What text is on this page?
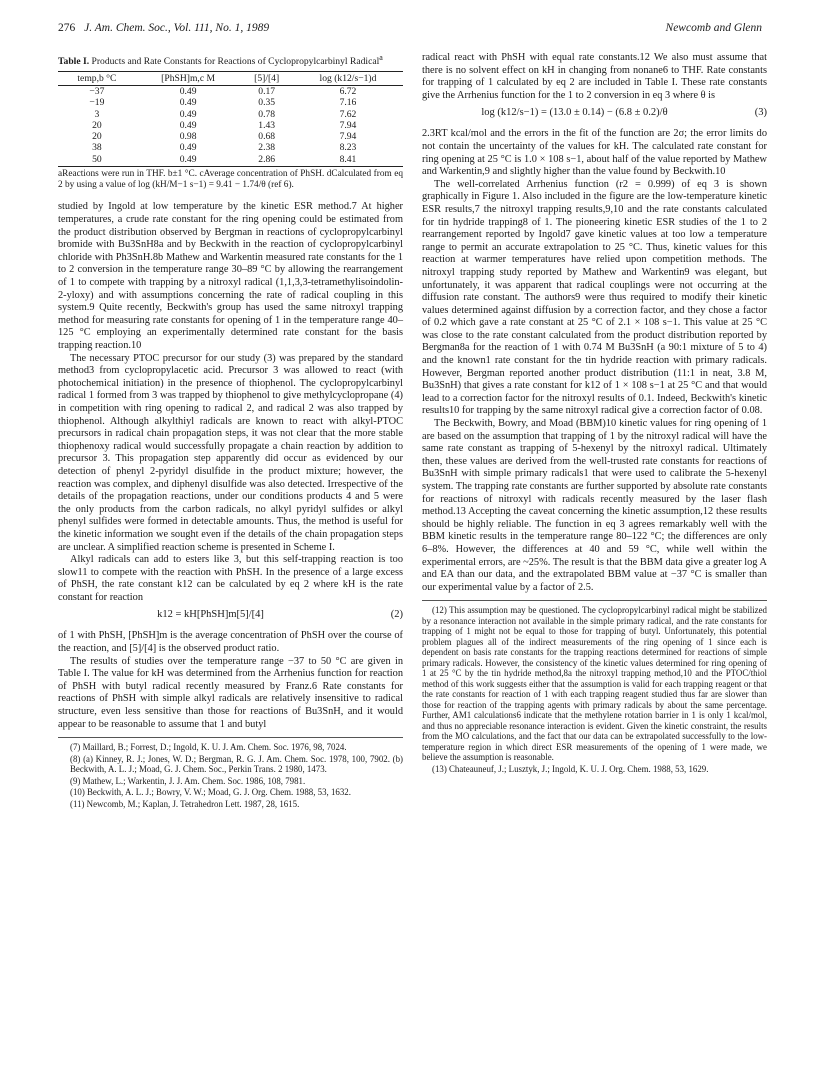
276 J. Am. Chem. Soc., Vol. 111, No. 1, 1989	Newcomb and Glenn
Table I. Products and Rate Constants for Reactions of Cyclopropylcarbinyl Radical$^a$
temp,b °C	[PhSH]m,c M	[5]/[4]	log (k12/s−1)d
−37	0.49	0.17	6.72
−19	0.49	0.35	7.16
3	0.49	0.78	7.62
20	0.49	1.43	7.94
20	0.98	0.68	7.94
38	0.49	2.38	8.23
50	0.49	2.86	8.41

aReactions were run in THF. b±1 °C. cAverage concentration of PhSH. dCalculated from eq 2 by using a value of log (kH/M−1 s−1) = 9.41 − 1.74/θ (ref 6).

studied by Ingold at low temperature by the kinetic ESR method.7 At higher temperatures, a crude rate constant for the ring opening could be estimated from the product distribution observed by Bergman in reactions of cyclopropylcarbinyl bromide with Bu3SnH8a and by Beckwith in the reaction of cyclopropylcarbinyl chloride with Ph3SnH.8b Mathew and Warkentin measured rate constants for the 1 to 2 conversion in the temperature range 30–89 °C by allowing the rearrangement of 1 to compete with trapping by a nitroxyl radical (1,1,3,3-tetramethylisoindolin-2-yloxy) and with assumptions concerning the rate of radical coupling in this system.9 Quite recently, Beckwith's group has used the same nitroxyl trapping method for measuring rate constants for opening of 1 in the temperature range 40–125 °C employing an experimentally determined rate constant for the basis trapping reaction.10

The necessary PTOC precursor for our study (3) was prepared by the standard method3 from cyclopropylacetic acid. Precursor 3 was allowed to react (with photochemical initiation) in the presence of thiophenol. The cyclopropylcarbinyl radical 1 formed from 3 was trapped by thiophenol to give methylcyclopropane (4) in competition with ring opening to radical 2, and radical 2 was also trapped by thiophenol. Although alkylthiyl radicals are known to react with alkyl-PTOC precursors in radical chain propagation steps, it was not clear that the more stable thiophenoxy radical would successfully propagate a chain reaction by addition to precursor 3. This propagation step apparently did occur as evidenced by our detection of phenyl 2-pyridyl disulfide in the product mixture; however, the reaction was complex, and diphenyl disulfide was also detected. Irrespective of the details of the propagation reactions, under our conditions products 4 and 5 were the only products from the carbon radicals, no alkyl pyridyl sulfides or alkyl phenyl sulfides were formed in detectable amounts. Thus, the method is useful for the kinetic information we sought even if the details of the chain propagation steps are unclear. A simplified reaction scheme is presented in Scheme I.

Alkyl radicals can add to esters like 3, but this self-trapping reaction is too slow11 to compete with the reaction with PhSH. In the presence of a large excess of PhSH, the rate constant k12 can be calculated by eq 2 where kH is the rate constant for reaction

k12 = kH[PhSH]m[5]/[4]	(2)

of 1 with PhSH, [PhSH]m is the average concentration of PhSH over the course of the reaction, and [5]/[4] is the observed product ratio.

The results of studies over the temperature range −37 to 50 °C are given in Table I. The value for kH was determined from the Arrhenius function for reaction of PhSH with butyl radical recently measured by Franz.6 Rate constants for reactions of PhSH with simple alkyl radicals are relatively insensitive to radical structure, even less sensitive than those for reactions of Bu3SnH, and it would appear to be reasonable to assume that 1 and butyl

(7) Maillard, B.; Forrest, D.; Ingold, K. U. J. Am. Chem. Soc. 1976, 98, 7024.

(8) (a) Kinney, R. J.; Jones, W. D.; Bergman, R. G. J. Am. Chem. Soc. 1978, 100, 7902. (b) Beckwith, A. L. J.; Moad, G. J. Chem. Soc., Perkin Trans. 2 1980, 1473.

(9) Mathew, L.; Warkentin, J. J. Am. Chem. Soc. 1986, 108, 7981.

(10) Beckwith, A. L. J.; Bowry, V. W.; Moad, G. J. Org. Chem. 1988, 53, 1632.

(11) Newcomb, M.; Kaplan, J. Tetrahedron Lett. 1987, 28, 1615.

radical react with PhSH with equal rate constants.12 We also must assume that there is no solvent effect on kH in changing from nonane6 to THF. Rate constants for trapping of 1 calculated by eq 2 are included in Table I. These rate constants give the Arrhenius function for the 1 to 2 conversion in eq 3 where θ is

log (k12/s−1) = (13.0 ± 0.14) − (6.8 ± 0.2)/θ	(3)

2.3RT kcal/mol and the errors in the fit of the function are 2σ; the error limits do not contain the uncertainty of the values for kH. The calculated rate constant for ring opening at 25 °C is 1.0 × 108 s−1, about half of the value reported by Mathew and Warkentin,9 and slightly higher than the value found by Beckwith.10

The well-correlated Arrhenius function (r2 = 0.999) of eq 3 is shown graphically in Figure 1. Also included in the figure are the low-temperature kinetic ESR results,7 the nitroxyl trapping results,9,10 and the rate constants calculated for tin hydride trapping8 of 1. The pioneering kinetic ESR studies of the 1 to 2 rearrangement reported by Ingold7 gave kinetic values at too low a temperature range to permit an accurate extrapolation to 25 °C. Thus, kinetic values for this reaction at warmer temperatures have relied upon competition methods. The nitroxyl trapping study reported by Mathew and Warkentin9 was elegant, but unfortunately, it was apparent that radical couplings were not occurring at the diffusion rate constant. The authors9 were thus required to modify their kinetic values determined against diffusion by a correction factor, and they chose a factor of 0.2 which gave a rate constant at 25 °C of 2.1 × 108 s−1. This value at 25 °C was close to the rate constant calculated from the product distribution reported by Bergman8a for the reaction of 1 with 0.74 M Bu3SnH (a 90:1 mixture of 5 to 4) and the known1 rate constant for the tin hydride reaction with primary radicals. However, Bergman reported another product distribution (11:1 in neat, 3.8 M, Bu3SnH) that gives a rate constant for k12 of 1 × 108 s−1 at 25 °C and that would lead to a correction factor for the nitroxyl results of 0.1. Indeed, Beckwith's kinetic results10 for trapping by the same nitroxyl radical give a correction factor of 0.08.

The Beckwith, Bowry, and Moad (BBM)10 kinetic values for ring opening of 1 are based on the assumption that trapping of 1 by the nitroxyl radical will have the same rate constant as trapping of 5-hexenyl by the nitroxyl radical. Ultimately then, these values are derived from the well-trusted rate constants for reactions of Bu3SnH with simple primary radicals1 that were used to calibrate the 5-hexenyl system. The trapping rate constants are further supported by absolute rate constants for reactions of nitroxyl with radicals recently measured by the laser flash method.13 Accepting the caveat concerning the kinetic assumption,12 these results should be highly reliable. The function in eq 3 agrees remarkably well with the BBM kinetic results in the temperature range 80–122 °C; the differences are only 6–8%. However, the differences at 40 and 59 °C, while well within the experimental errors, are ~25%. The result is that the BBM data give a greater log A and EA than our data, and the extrapolated BBM value at −37 °C is smaller than our experimental value by a factor of 2.5.

(12) This assumption may be questioned. The cyclopropylcarbinyl radical might be stabilized by a resonance interaction not available in the simple primary radical, and the rate constants for trapping of 1 might not be equal to those for trapping of butyl. Unfortunately, this potential problem plagues all of the indirect measurements of the ring opening of 1 since each is dependent on basis rate constants for the trapping reactions determined for reactions of simple primary radicals. However, the consistency of the kinetic values determined for ring opening of 1 at 25 °C by the tin hydride method,8a the nitroxyl trapping method,10 and the PTOC/thiol method of this work suggests either that the assumption is valid for each trapping reagent or that the rate constants for reaction of 1 with each trapping reagent studied thus far are slower than those for reaction of the trapping agents with primary radicals by about the same percentage. Further, AM1 calculations6 indicate that the methylene rotation barrier in 1 is only 1 kcal/mol, and thus no appreciable resonance interaction is evident. Given the kinetic constraint, the results from the MO calculations, and the fact that our data can be extrapolated successfully to the low-temperature region in which direct ESR measurements of the opening of 1 were made, we believe the assumption is reasonable.

(13) Chateauneuf, J.; Lusztyk, J.; Ingold, K. U. J. Org. Chem. 1988, 53, 1629.
